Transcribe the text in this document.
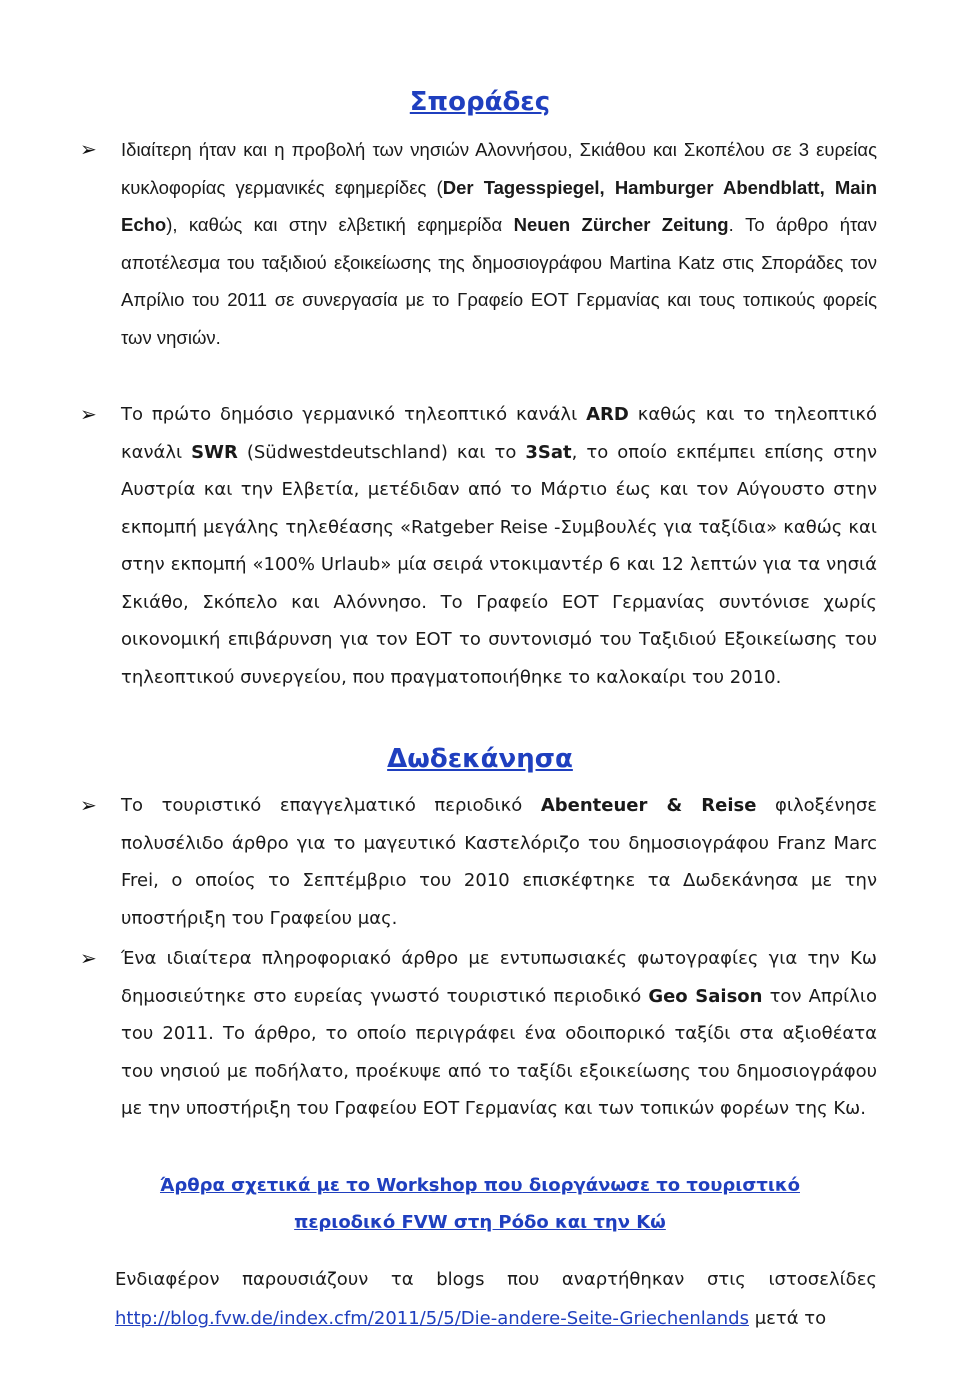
Σποράδες
➢	Ιδιαίτερη ήταν και η προβολή των νησιών Αλοννήσου, Σκιάθου και Σκοπέλου σε 3 ευρείας κυκλοφορίας γερμανικές εφημερίδες (Der Tagesspiegel, Hamburger Abendblatt, Main Echo), καθώς και στην ελβετική εφημερίδα Neuen Zürcher Zeitung. Το άρθρο ήταν αποτέλεσμα του ταξιδιού εξοικείωσης της δημοσιογράφου Martina Katz στις Σποράδες τον Απρίλιο του 2011 σε συνεργασία με το Γραφείο ΕΟΤ Γερμανίας και τους τοπικούς φορείς των νησιών.
➢	Το πρώτο δημόσιο γερμανικό τηλεοπτικό κανάλι ARD καθώς και το τηλεοπτικό κανάλι SWR (Südwestdeutschland) και το 3Sat, το οποίο εκπέμπει επίσης στην Αυστρία και την Ελβετία, μετέδιδαν από το Μάρτιο έως και τον Αύγουστο στην εκπομπή μεγάλης τηλεθέασης «Ratgeber Reise -Συμβουλές για ταξίδια» καθώς και στην εκπομπή «100% Urlaub» μία σειρά ντοκιμαντέρ 6 και 12 λεπτών για τα νησιά Σκιάθο, Σκόπελο και Αλόννησο. Το Γραφείο ΕΟΤ Γερμανίας συντόνισε χωρίς οικονομική επιβάρυνση για τον ΕΟΤ το συντονισμό του Ταξιδιού Εξοικείωσης του τηλεοπτικού συνεργείου, που πραγματοποιήθηκε το καλοκαίρι του 2010.
Δωδεκάνησα
➢	Το τουριστικό επαγγελματικό περιοδικό Abenteuer & Reise φιλοξένησε πολυσέλιδο άρθρο για το μαγευτικό Καστελόριζο του δημοσιογράφου Franz Marc Frei, ο οποίος το Σεπτέμβριο του 2010 επισκέφτηκε τα Δωδεκάνησα με την υποστήριξη του Γραφείου μας.
➢	Ένα ιδιαίτερα πληροφοριακό άρθρο με εντυπωσιακές φωτογραφίες για την Κω δημοσιεύτηκε στο ευρείας γνωστό τουριστικό περιοδικό Geo Saison τον Απρίλιο του 2011. Το άρθρο, το οποίο περιγράφει ένα οδοιπορικό ταξίδι στα αξιοθέατα του νησιού με ποδήλατο, προέκυψε από το ταξίδι εξοικείωσης του δημοσιογράφου με την υποστήριξη του Γραφείου ΕΟΤ Γερμανίας και των τοπικών φορέων της Κω.
Άρθρα σχετικά με το Workshop που διοργάνωσε το τουριστικό
περιοδικό FVW στη Ρόδο και την Κώ
Ενδιαφέρον παρουσιάζουν τα blogs που αναρτήθηκαν στις ιστοσελίδες http://blog.fvw.de/index.cfm/2011/5/5/Die-andere-Seite-Griechenlands μετά το
